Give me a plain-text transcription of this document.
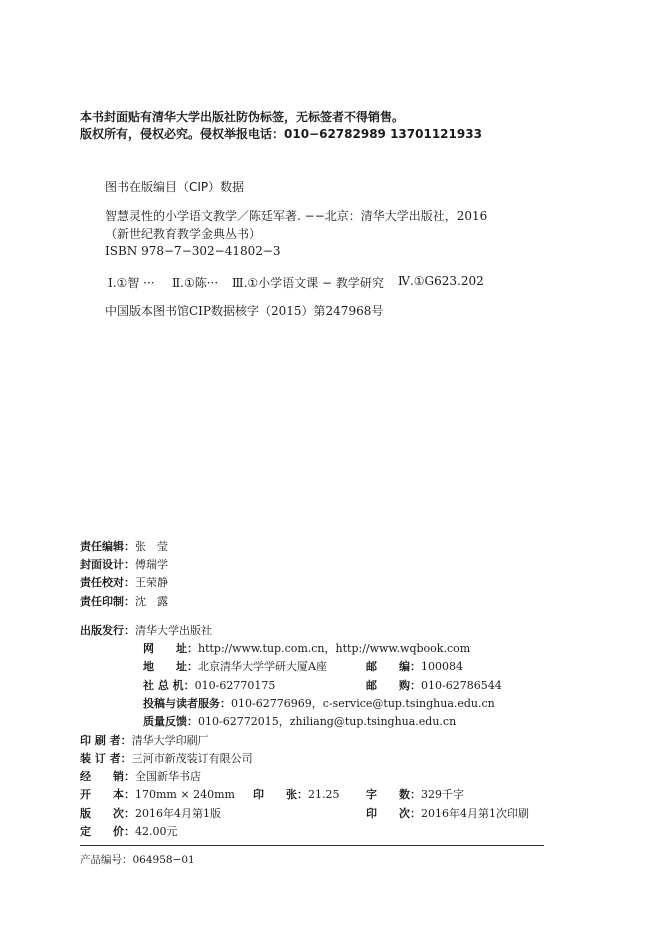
本书封面贴有清华大学出版社防伪标签，无标签者不得销售。
版权所有，侵权必究。侵权举报电话：010−62782989 13701121933
图书在版编目（CIP）数据
智慧灵性的小学语文教学／陈廷军著. −−北京：清华大学出版社，2016
（新世纪教育教学金典丛书）
ISBN 978−7−302−41802−3
Ⅰ.①智 ··· Ⅱ.①陈··· Ⅲ.①小学语文课 − 教学研究 Ⅳ.①G623.202
中国版本图书馆CIP数据核字（2015）第247968号
责任编辑：张　莹
封面设计：傅瑞学
责任校对：王荣静
责任印制：沈　露
出版发行：清华大学出版社
网　　址：http://www.tup.com.cn，http://www.wqbook.com
地　　址：北京清华大学学研大厦A座	邮　　编：100084
社 总 机：010-62770175	邮　　购：010-62786544
投稿与读者服务：010-62776969，c-service@tup.tsinghua.edu.cn
质量反馈：010-62772015，zhiliang@tup.tsinghua.edu.cn
印 刷 者：清华大学印刷厂
装 订 者：三河市新茂装订有限公司
经　　销：全国新华书店
开　　本：170mm × 240mm 印　　张：21.25 字　　数：329千字
版　　次：2016年4月第1版	印　　次：2016年4月第1次印刷
定　　价：42.00元
产品编号：064958−01
